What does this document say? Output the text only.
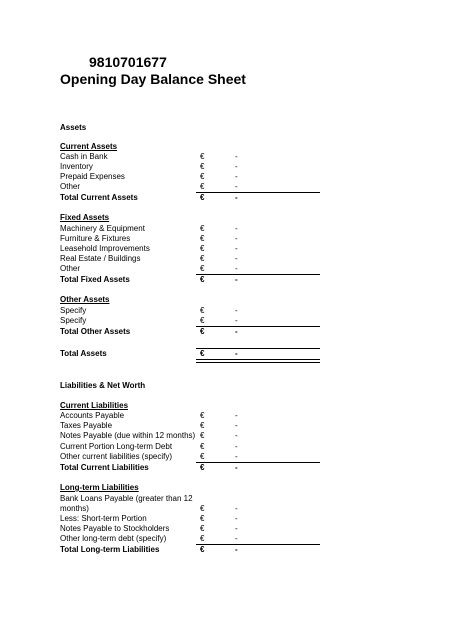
9810701677
Opening Day Balance Sheet
Assets
Current Assets
Cash in Bank	€	-
Inventory	€	-
Prepaid Expenses	€	-
Other	€	-
Total Current Assets	€	-
Fixed Assets
Machinery & Equipment	€	-
Furniture & Fixtures	€	-
Leasehold Improvements	€	-
Real Estate / Buildings	€	-
Other	€	-
Total Fixed Assets	€	-
Other Assets
Specify	€	-
Specify	€	-
Total Other Assets	€	-
Total Assets	€	-
Liabilities & Net Worth
Current Liabilities
Accounts Payable	€	-
Taxes Payable	€	-
Notes Payable (due within 12 months) €	-
Current Portion Long-term Debt	€	-
Other current liabilities (specify)	€	-
Total Current Liabilities	€	-
Long-term Liabilities
Bank Loans Payable (greater than 12 months)	€	-
Less: Short-term Portion	€	-
Notes Payable to Stockholders	€	-
Other long-term debt (specify)	€	-
Total Long-term Liabilities	€	-
